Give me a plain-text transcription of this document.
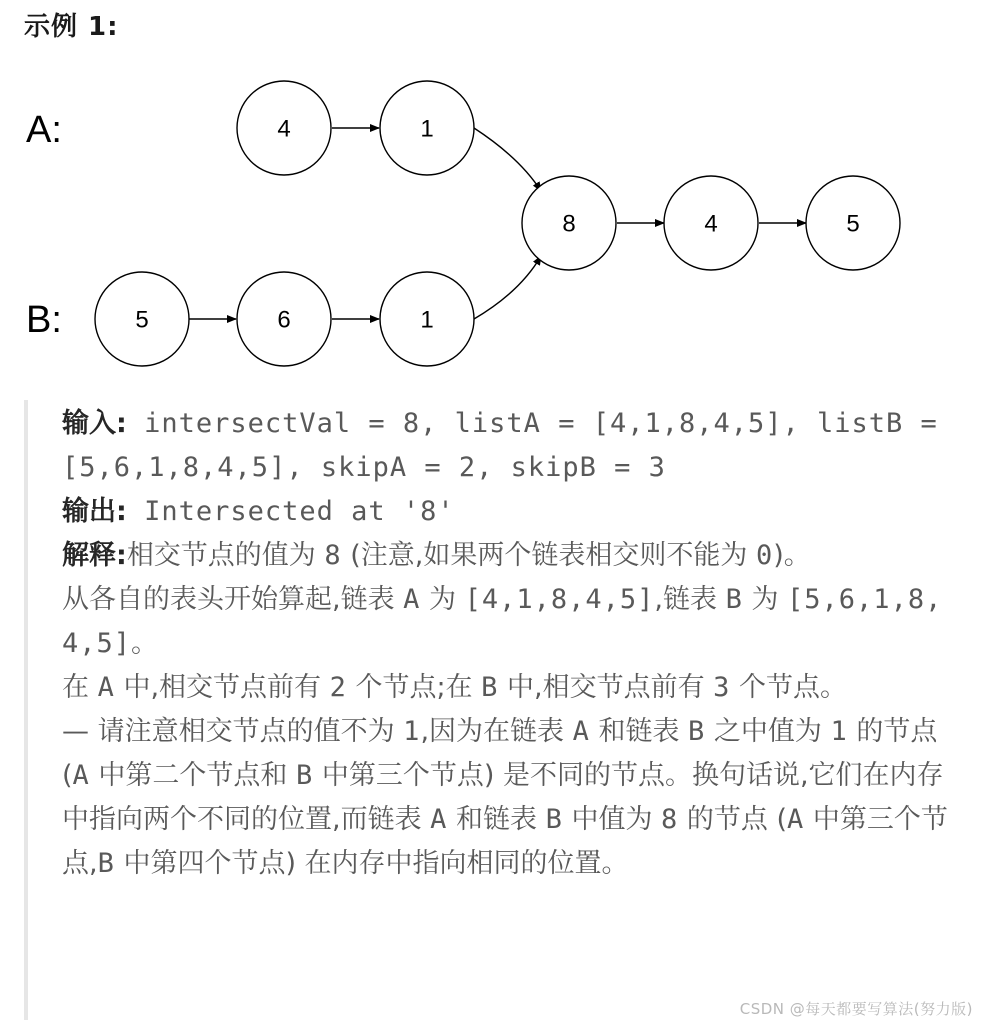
示例 1:
A:
B:
4	1
5	6	1
8	4	5

输入: intersectVal = 8, listA = [4,1,8,4,5], listB = [5,6,1,8,4,5], skipA = 2, skipB = 3

输出: Intersected at '8'

解释:相交节点的值为 8 (注意,如果两个链表相交则不能为 0)。

从各自的表头开始算起,链表 A 为 [4,1,8,4,5],链表 B 为 [5,6,1,8,4,5]。

在 A 中,相交节点前有 2 个节点;在 B 中,相交节点前有 3 个节点。

— 请注意相交节点的值不为 1,因为在链表 A 和链表 B 之中值为 1 的节点 (A 中第二个节点和 B 中第三个节点) 是不同的节点。换句话说,它们在内存中指向两个不同的位置,而链表 A 和链表 B 中值为 8 的节点 (A 中第三个节点,B 中第四个节点) 在内存中指向相同的位置。

CSDN @每天都要写算法(努力版)
